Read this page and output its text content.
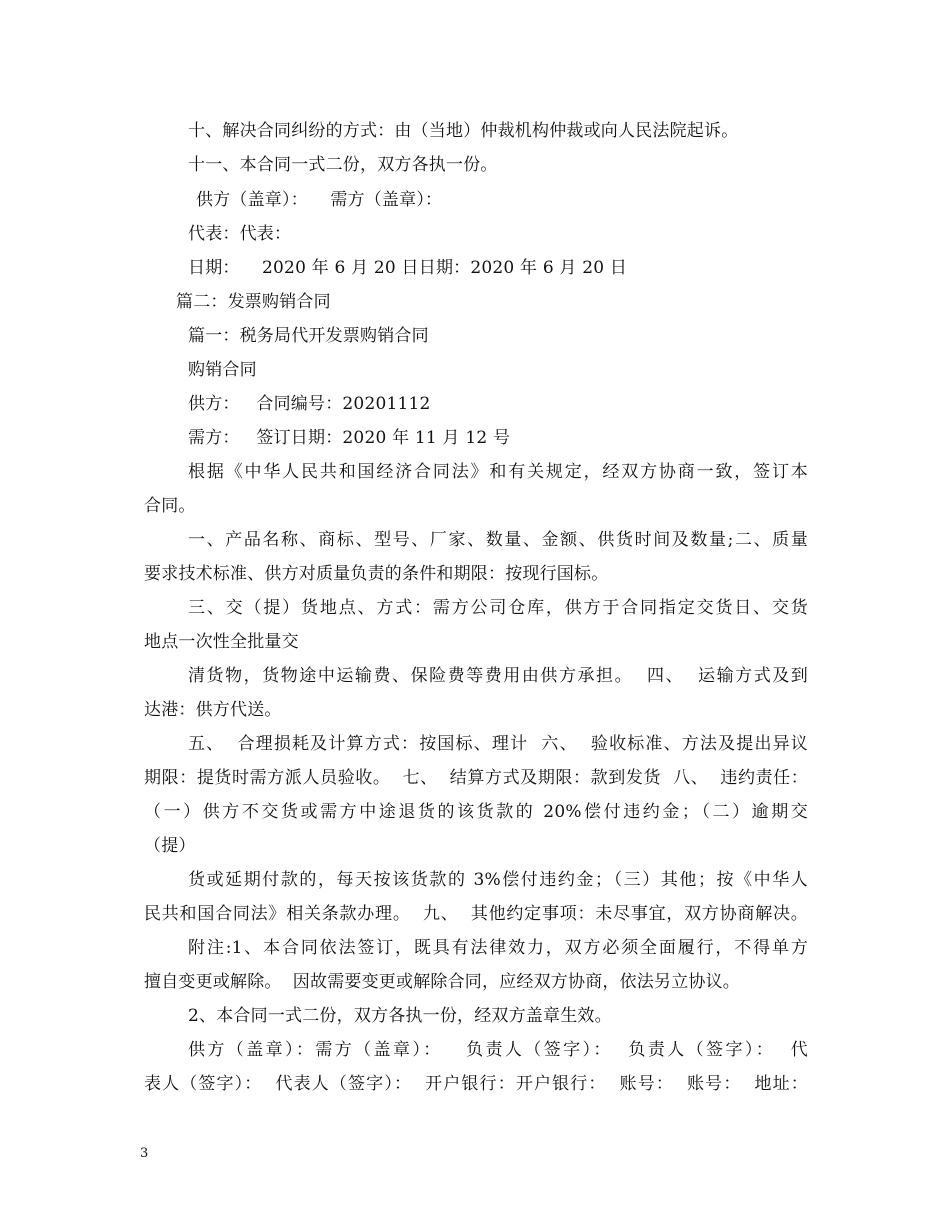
十、解决合同纠纷的方式：由（当地）仲裁机构仲裁或向人民法院起诉。
十一、本合同一式二份，双方各执一份。
供方（盖章）：    需方（盖章）：
代表：代表：
日期：    2020 年 6 月 20 日日期：2020 年 6 月 20 日
篇二：发票购销合同
篇一：税务局代开发票购销合同
购销合同
供方：   合同编号：20201112
需方：   签订日期：2020 年 11 月 12 号
根据《中华人民共和国经济合同法》和有关规定，经双方协商一致，签订本
合同。
一、产品名称、商标、型号、厂家、数量、金额、供货时间及数量;二、质量
要求技术标准、供方对质量负责的条件和期限：按现行国标。
三、交（提）货地点、方式：需方公司仓库，供方于合同指定交货日、交货
地点一次性全批量交
清货物，货物途中运输费、保险费等费用由供方承担。  四、  运输方式及到
达港：供方代送。
五、  合理损耗及计算方式：按国标、理计  六、  验收标准、方法及提出异议
期限：提货时需方派人员验收。  七、  结算方式及期限：款到发货  八、  违约责任：
（一）供方不交货或需方中途退货的该货款的 20%偿付违约金；（二）逾期交
（提）
货或延期付款的，每天按该货款的 3%偿付违约金；（三）其他；按《中华人
民共和国合同法》相关条款办理。  九、  其他约定事项：未尽事宜，双方协商解决。
附注:1、本合同依法签订，既具有法律效力，双方必须全面履行，不得单方
擅自变更或解除。  因故需要变更或解除合同，应经双方协商，依法另立协议。
2、本合同一式二份，双方各执一份，经双方盖章生效。
供方（盖章）：需方（盖章）：   负责人（签字）：  负责人（签字）：  代
表人（签字）：  代表人（签字）：  开户银行：开户银行：  账号：  账号：  地址：
3
